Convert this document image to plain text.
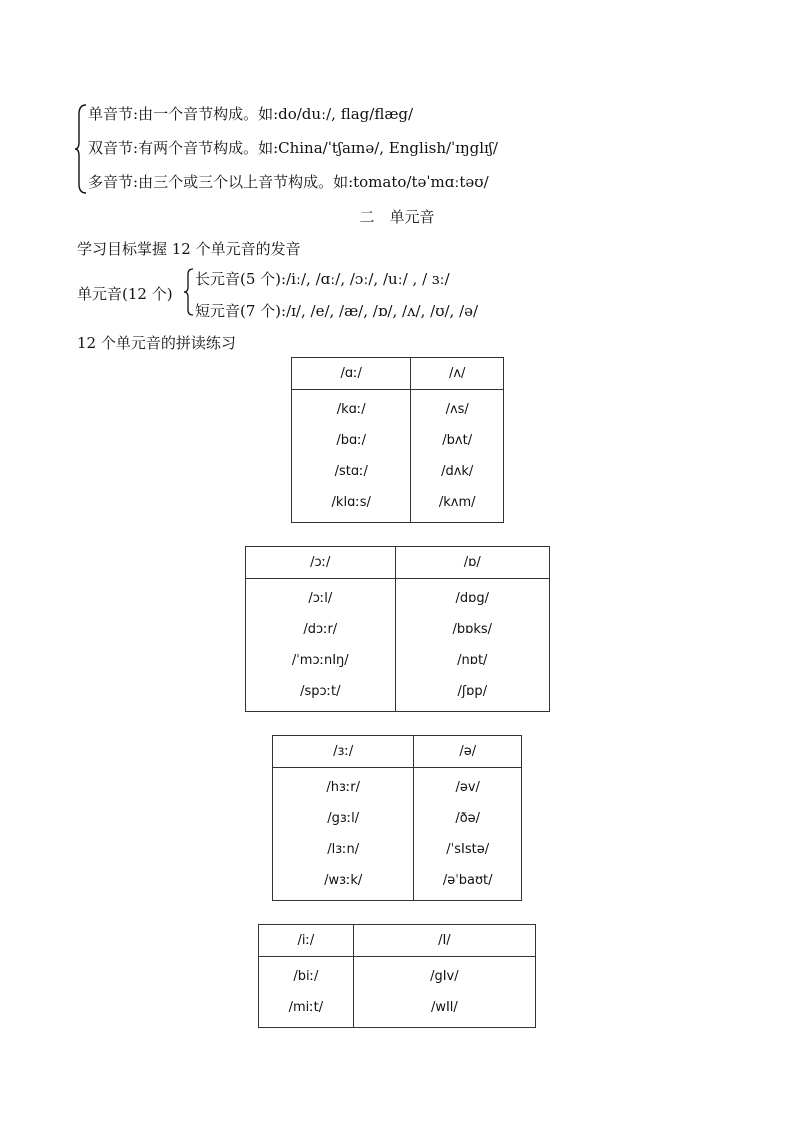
单音节:由一个音节构成。如:do/duː/, flag/flæg/
双音节:有两个音节构成。如:China/ˈtʃaɪnə/, English/ˈɪŋglɪʃ/
多音节:由三个或三个以上音节构成。如:tomato/təˈmɑːtəʊ/
二　单元音
学习目标掌握 12 个单元音的发音
单元音(12 个)
长元音(5 个):/iː/, /ɑː/, /ɔː/, /uː/ , / ɜː/
短元音(7 个):/ɪ/, /e/, /æ/, /ɒ/, /ʌ/, /ʊ/, /ə/
12 个单元音的拼读练习
/ɑː/	/ʌ/
/kɑː/	/ʌs/
/bɑː/	/bʌt/
/stɑː/	/dʌk/
/klɑːs/	/kʌm/
/ɔː/	/ɒ/
/ɔːl/	/dɒg/
/dɔːr/	/bɒks/
/ˈmɔːnIŋ/	/nɒt/
/spɔːt/	/ʃɒp/
/ɜː/	/ə/
/hɜːr/	/əv/
/gɜːl/	/ðə/
/lɜːn/	/ˈsIstə/
/wɜːk/	/əˈbaʊt/
/iː/	/I/
/biː/	/gIv/
/miːt/	/wIl/
